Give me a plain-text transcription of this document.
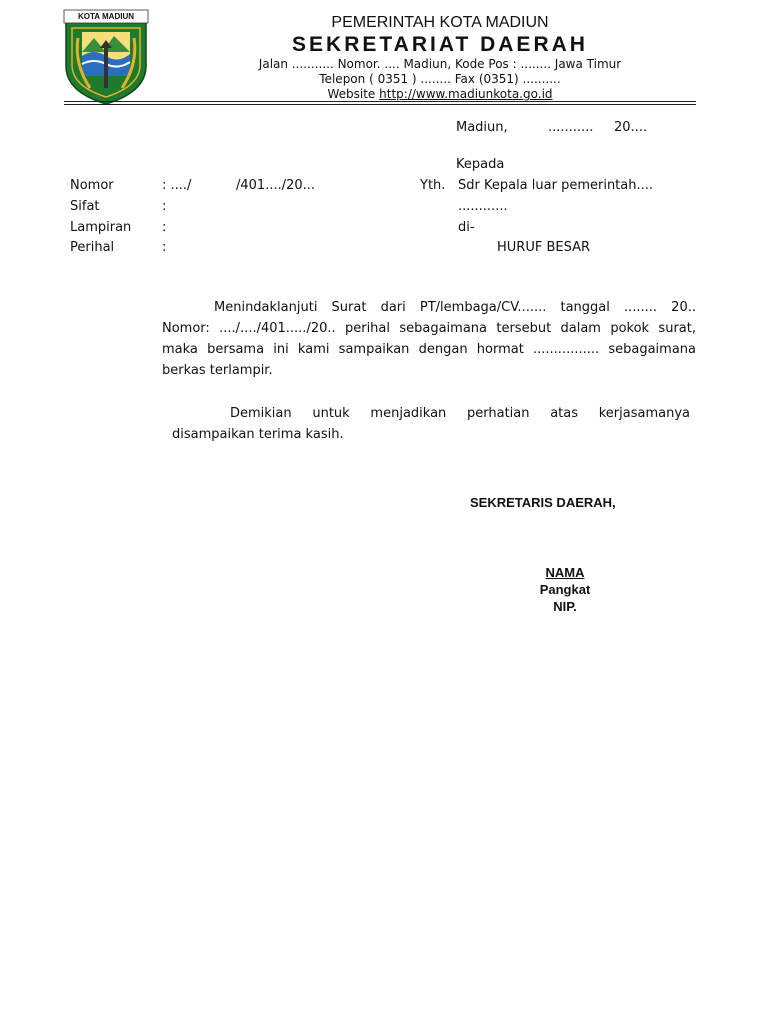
KOTA MADIUN	PEMERINTAH KOTA MADIUN
SEKRETARIAT DAERAH
Jalan ........... Nomor. .... Madiun, Kode Pos : ........ Jawa Timur
Telepon ( 0351 ) ........ Fax (0351) ..........
Website http://www.madiunkota.go.id
Madiun,	........... 20....
Kepada
Yth. Sdr Kepala luar pemerintah....
............
di-
HURUF BESAR
Nomor	: ..../	/401..../20...
Sifat	:
Lampiran :
Perihal	:
Menindaklanjuti Surat dari PT/lembaga/CV....... tanggal ........ 20..
Nomor: ..../..../401...../20.. perihal sebagaimana tersebut dalam pokok surat,
maka bersama ini kami sampaikan dengan hormat ................ sebagaimana
berkas terlampir.
Demikian untuk menjadikan perhatian atas kerjasamanya
disampaikan terima kasih.
SEKRETARIS DAERAH,
NAMA
Pangkat
NIP.
